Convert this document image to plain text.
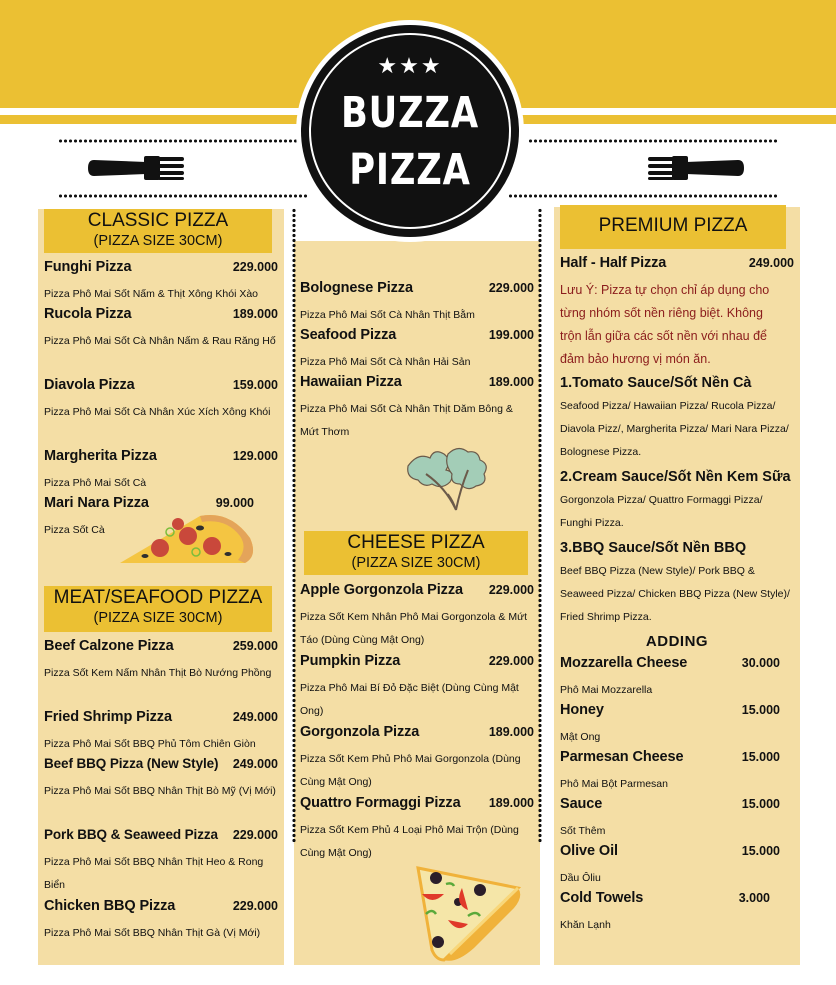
★★★
BUZZA
PIZZA
CLASSIC PIZZA
(PIZZA SIZE 30CM)
Funghi Pizza	229.000
Pizza Phô Mai Sốt Nấm & Thịt Xông Khói Xào
Rucola Pizza	189.000
Pizza Phô Mai Sốt Cà Nhân Nấm & Rau Răng Hố
Diavola Pizza	159.000
Pizza Phô Mai Sốt Cà Nhân Xúc Xích Xông Khói
Margherita Pizza	129.000
Pizza Phô Mai Sốt Cà
Mari Nara Pizza	99.000
Pizza Sốt Cà
MEAT/SEAFOOD PIZZA
(PIZZA SIZE 30CM)
Beef Calzone Pizza	259.000
Pizza Sốt Kem Nấm Nhân Thịt Bò Nướng Phồng
Fried Shrimp Pizza	249.000
Pizza Phô Mai Sốt BBQ Phủ Tôm Chiên Giòn
Beef BBQ Pizza (New Style) 249.000
Pizza Phô Mai Sốt BBQ Nhân Thịt Bò Mỹ (Vị Mới)
Pork BBQ & Seaweed Pizza 229.000
Pizza Phô Mai Sốt BBQ Nhân Thịt Heo & Rong Biển
Chicken BBQ Pizza	229.000
Pizza Phô Mai Sốt BBQ Nhân Thịt Gà (Vị Mới)
Bolognese Pizza	229.000
Pizza Phô Mai Sốt Cà Nhân Thịt Bằm
Seafood Pizza	199.000
Pizza Phô Mai Sốt Cà Nhân Hải Sản
Hawaiian Pizza	189.000
Pizza Phô Mai Sốt Cà Nhân Thịt Dăm Bông & Mứt Thơm
CHEESE PIZZA
(PIZZA SIZE 30CM)
Apple Gorgonzola Pizza 229.000
Pizza Sốt Kem Nhân Phô Mai Gorgonzola & Mứt Táo (Dùng Cùng Mật Ong)
Pumpkin Pizza	229.000
Pizza Phô Mai Bí Đỏ Đặc Biệt (Dùng Cùng Mật Ong)
Gorgonzola Pizza	189.000
Pizza Sốt Kem Phủ Phô Mai Gorgonzola (Dùng Cùng Mật Ong)
Quattro Formaggi Pizza 189.000
Pizza Sốt Kem Phủ 4 Loại Phô Mai Trộn (Dùng Cùng Mật Ong)
PREMIUM PIZZA
Half - Half Pizza	249.000
Lưu Ý: Pizza tự chọn chỉ áp dụng cho từng nhóm sốt nền riêng biệt. Không trộn lẫn giữa các sốt nền với nhau để đảm bảo hương vị món ăn.
1.Tomato Sauce/Sốt Nền Cà
Seafood Pizza/ Hawaiian Pizza/ Rucola Pizza/ Diavola Pizz/, Margherita Pizza/ Mari Nara Pizza/ Bolognese Pizza.
2.Cream Sauce/Sốt Nền Kem Sữa
Gorgonzola Pizza/ Quattro Formaggi Pizza/ Funghi Pizza.
3.BBQ Sauce/Sốt Nền BBQ
Beef BBQ Pizza (New Style)/ Pork BBQ & Seaweed Pizza/ Chicken BBQ Pizza (New Style)/ Fried Shrimp Pizza.
ADDING
Mozzarella Cheese	30.000
Phô Mai Mozzarella
Honey	15.000
Mật Ong
Parmesan Cheese	15.000
Phô Mai Bột Parmesan
Sauce	15.000
Sốt Thêm
Olive Oil	15.000
Dầu Ôliu
Cold Towels	3.000
Khăn Lạnh
